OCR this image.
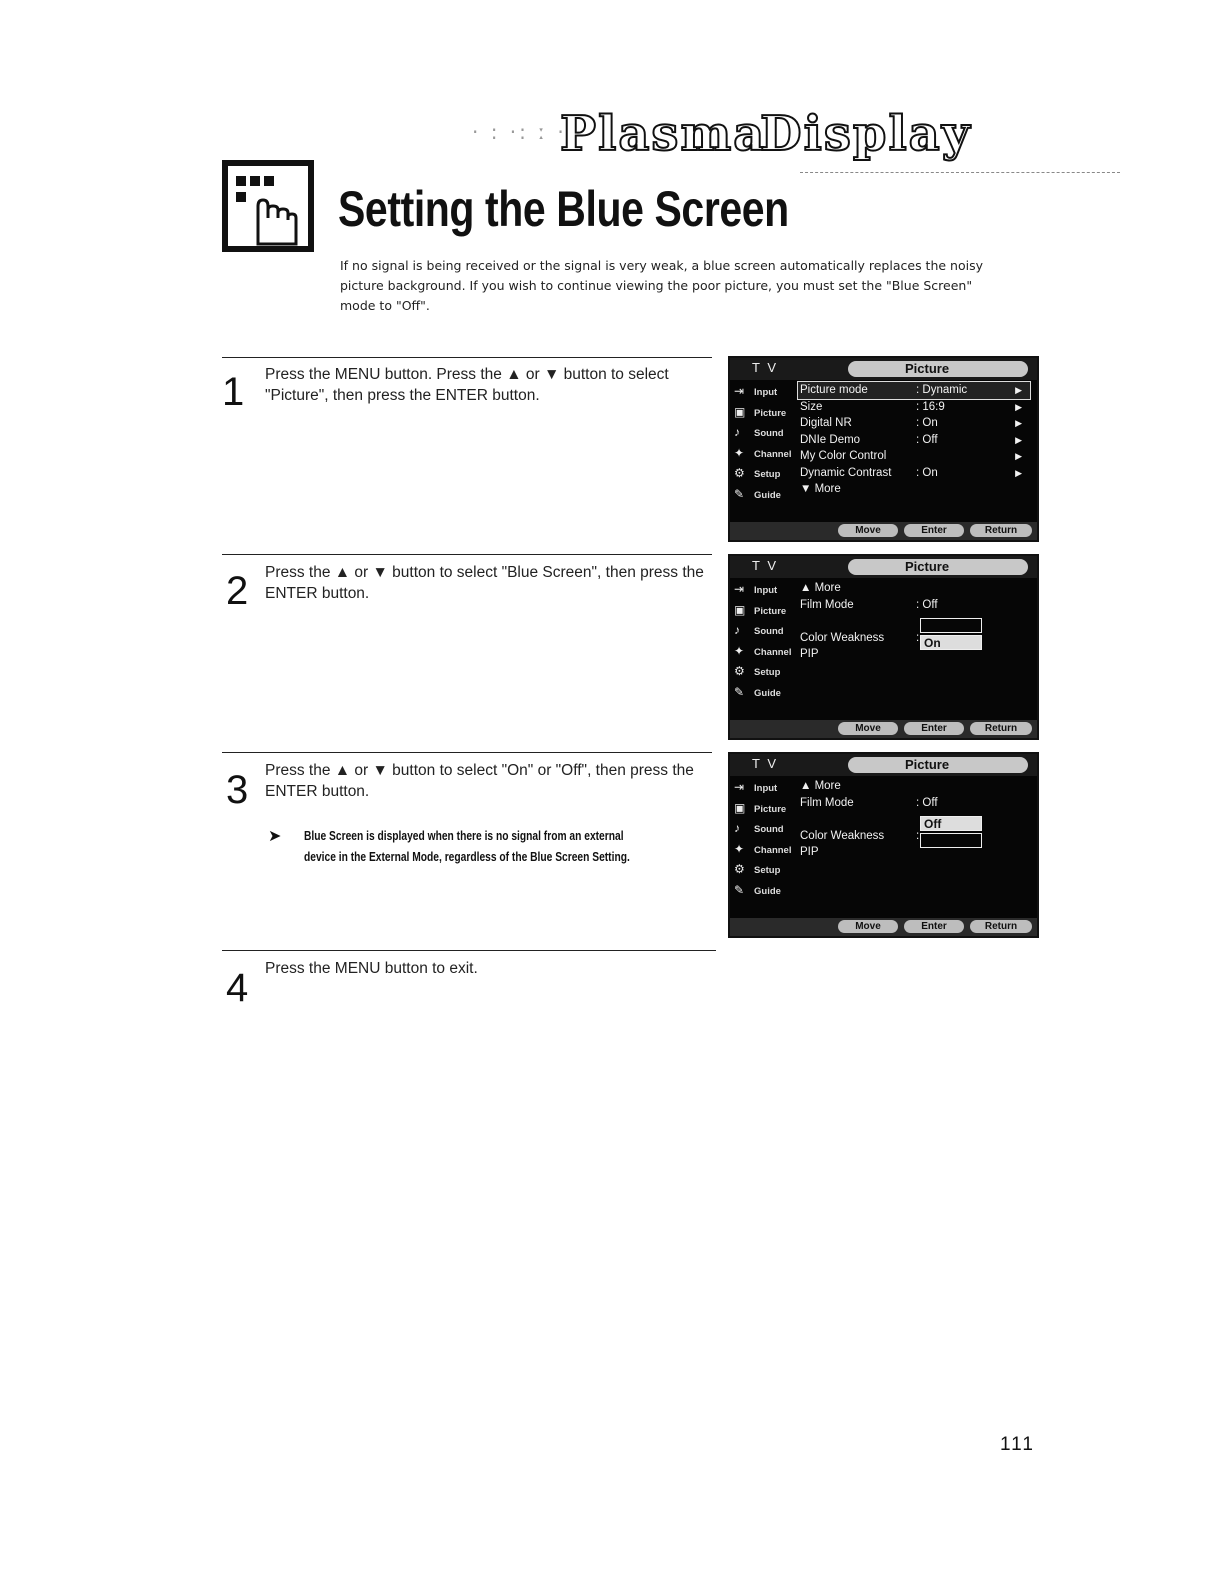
· : ·: ː ·
Plasma
Display
Setting the Blue Screen

If no signal is being received or the signal is very weak, a blue screen automatically replaces the noisy picture background. If you wish to continue viewing the poor picture, you must set the "Blue Screen" mode to "Off".

1 Press the MENU button. Press the ▲ or ▼ button to select "Picture", then press the ENTER button.

2 Press the ▲ or ▼ button to select "Blue Screen", then press the ENTER button.

3 Press the ▲ or ▼ button to select "On" or "Off", then press the ENTER button.

➤ Blue Screen is displayed when there is no signal from an external
device in the External Mode, regardless of the Blue Screen Setting.

4 Press the MENU button to exit.

T V	Picture
⇥	Input
▣ Picture
♪	Sound
✦	Channel
⚙ Setup
✎	Guide
Picture mode	: Dynamic	▶
Size	: 16:9	▶
Digital NR	: On	▶
DNIe Demo	: Off	▶
My Color Control	▶
Dynamic Contrast : On	▶
▼ More
Move	Enter	Return
T V	Picture
⇥	Input
▣ Picture
♪	Sound
✦	Channel
⚙ Setup
✎	Guide
▲ More
Film Mode	: Off
Color Weakness	:
PIP
On
Move	Enter	Return
T V	Picture
⇥	Input
▣ Picture
♪	Sound
✦	Channel
⚙ Setup
✎	Guide
▲ More
Film Mode	: Off
Color Weakness	:
PIP
Off
Move	Enter	Return
111
